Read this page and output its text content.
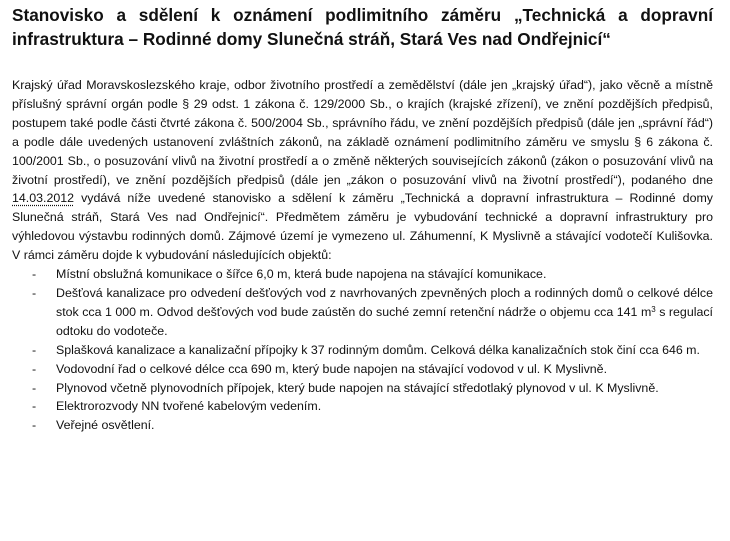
Stanovisko a sdělení k oznámení podlimitního záměru „Technická a dopravní infrastruktura – Rodinné domy Slunečná stráň, Stará Ves nad Ondřejnicí“

Krajský úřad Moravskoslezského kraje, odbor životního prostředí a zemědělství (dále jen „krajský úřad“), jako věcně a místně příslušný správní orgán podle § 29 odst. 1 zákona č. 129/2000 Sb., o krajích (krajské zřízení), ve znění pozdějších předpisů, postupem také podle části čtvrté zákona č. 500/2004 Sb., správního řádu, ve znění pozdějších předpisů (dále jen „správní řád“) a podle dále uvedených ustanovení zvláštních zákonů, na základě oznámení podlimitního záměru ve smyslu § 6 zákona č. 100/2001 Sb., o posuzování vlivů na životní prostředí a o změně některých souvisejících zákonů (zákon o posuzování vlivů na životní prostředí), ve znění pozdějších předpisů (dále jen „zákon o posuzování vlivů na životní prostředí“), podaného dne 14.03.2012 vydává níže uvedené stanovisko a sdělení k záměru „Technická a dopravní infrastruktura – Rodinné domy Slunečná stráň, Stará Ves nad Ondřejnicí“. Předmětem záměru je vybudování technické a dopravní infrastruktury pro výhledovou výstavbu rodinných domů. Zájmové území je vymezeno ul. Záhumenní, K Myslivně a stávající vodotečí Kulišovka. V rámci záměru dojde k vybudování následujících objektů:

- Místní obslužná komunikace o šířce 6,0 m, která bude napojena na stávající komunikace.
- Dešťová kanalizace pro odvedení dešťových vod z navrhovaných zpevněných ploch a rodinných domů o celkové délce stok cca 1 000 m. Odvod dešťových vod bude zaústěn do suché zemní retenční nádrže o objemu cca 141 $m^3$ s regulací odtoku do vodoteče.
- Splašková kanalizace a kanalizační přípojky k 37 rodinným domům. Celková délka kanalizačních stok činí cca 646 m.
- Vodovodní řad o celkové délce cca 690 m, který bude napojen na stávající vodovod v ul. K Myslivně.
- Plynovod včetně plynovodních přípojek, který bude napojen na stávající středotlaký plynovod v ul. K Myslivně.
- Elektrorozvody NN tvořené kabelovým vedením.
- Veřejné osvětlení.
